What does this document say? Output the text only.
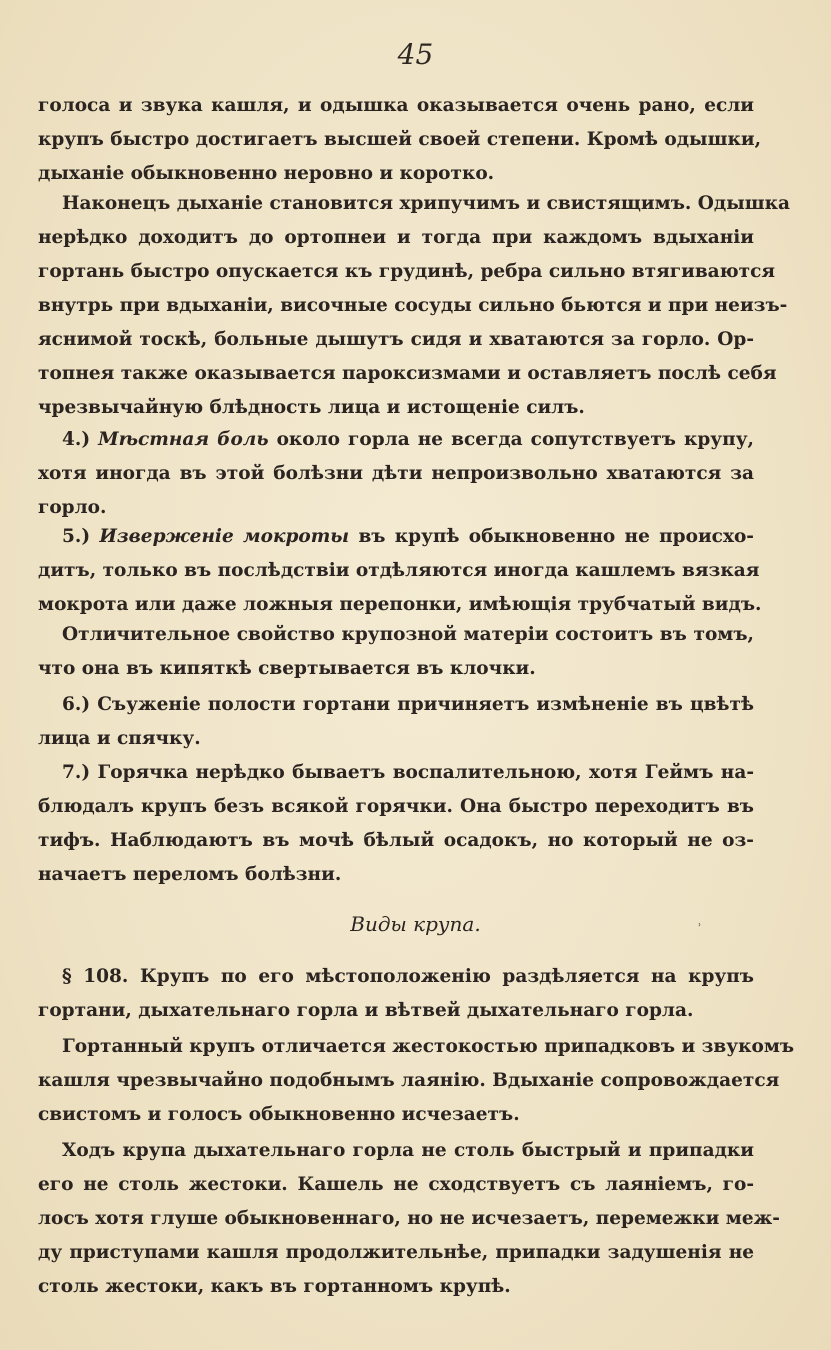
45
голоса и звука кашля, и одышка оказывается очень рано, если
крупъ быстро достигаетъ высшей своей степени. Кромѣ одышки,
дыханіе обыкновенно неровно и коротко.
Наконецъ дыханіе становится хрипучимъ и свистящимъ. Одышка
нерѣдко доходитъ до ортопнеи и тогда при каждомъ вдыханіи
гортань быстро опускается къ грудинѣ, ребра сильно втягиваются
внутрь при вдыханіи, височные сосуды сильно бьются и при неизъ-
яснимой тоскѣ, больные дышутъ сидя и хватаются за горло. Ор-
топнея также оказывается пароксизмами и оставляетъ послѣ себя
чрезвычайную блѣдность лица и истощеніе силъ.
4.) Мѣстная боль около горла не всегда сопутствуетъ крупу,
хотя иногда въ этой болѣзни дѣти непроизвольно хватаются за
горло.
5.) Изверженіе мокроты въ крупѣ обыкновенно не происхо-
дитъ, только въ послѣдствіи отдѣляются иногда кашлемъ вязкая
мокрота или даже ложныя перепонки, имѣющія трубчатый видъ.
Отличительное свойство крупозной матеріи состоитъ въ томъ,
что она въ кипяткѣ свертывается въ клочки.
6.) Съуженіе полости гортани причиняетъ измѣненіе въ цвѣтѣ
лица и спячку.
7.) Горячка нерѣдко бываетъ воспалительною, хотя Геймъ на-
блюдалъ крупъ безъ всякой горячки. Она быстро переходитъ въ
тифъ. Наблюдаютъ въ мочѣ бѣлый осадокъ, но который не оз-
начаетъ переломъ болѣзни.
Виды крупа.	˒
§ 108. Крупъ по его мѣстоположенію раздѣляется на крупъ
гортани, дыхательнаго горла и вѣтвей дыхательнаго горла.
Гортанный крупъ отличается жестокостью припадковъ и звукомъ
кашля чрезвычайно подобнымъ лаянію. Вдыханіе сопровождается
свистомъ и голосъ обыкновенно исчезаетъ.
Ходъ крупа дыхательнаго горла не столь быстрый и припадки
его не столь жестоки. Кашель не сходствуетъ съ лаяніемъ, го-
лосъ хотя глуше обыкновеннаго, но не исчезаетъ, перемежки меж-
ду приступами кашля продолжительнѣе, припадки задушенія не
столь жестоки, какъ въ гортанномъ крупѣ.
